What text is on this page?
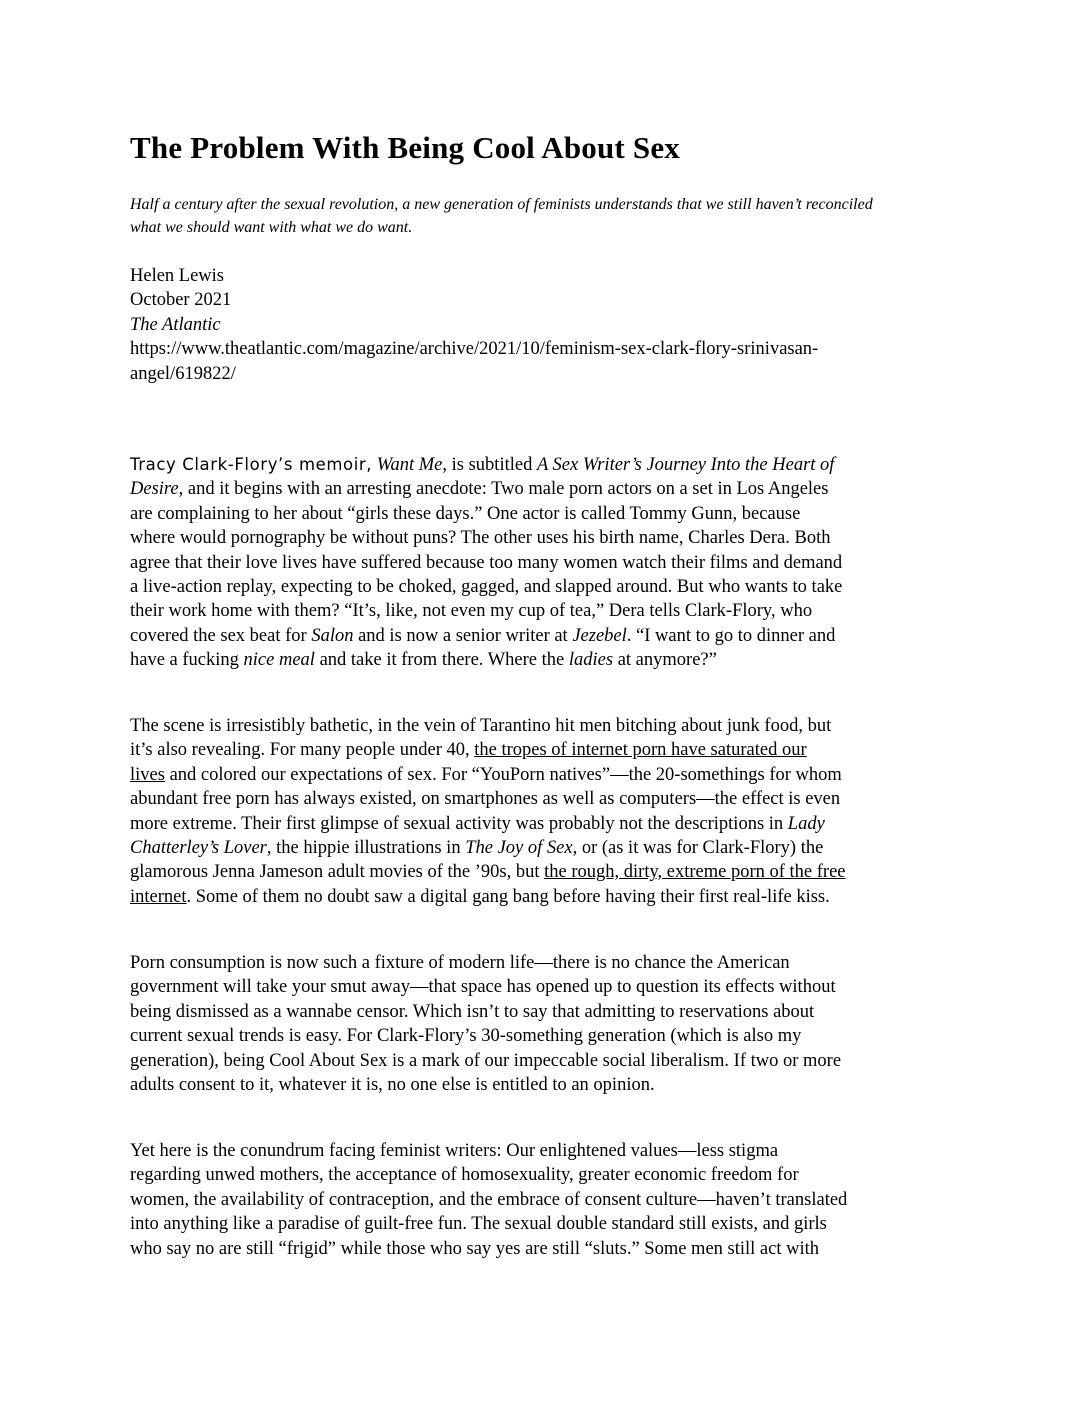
The Problem With Being Cool About Sex
Half a century after the sexual revolution, a new generation of feminists understands that we still haven’t reconciled
what we should want with what we do want.
Helen Lewis
October 2021
The Atlantic
https://www.theatlantic.com/magazine/archive/2021/10/feminism-sex-clark-flory-srinivasan-
angel/619822/
Tracy Clark-Flory’s memoir, Want Me, is subtitled A Sex Writer’s Journey Into the Heart of
Desire, and it begins with an arresting anecdote: Two male porn actors on a set in Los Angeles
are complaining to her about “girls these days.” One actor is called Tommy Gunn, because
where would pornography be without puns? The other uses his birth name, Charles Dera. Both
agree that their love lives have suffered because too many women watch their films and demand
a live-action replay, expecting to be choked, gagged, and slapped around. But who wants to take
their work home with them? “It’s, like, not even my cup of tea,” Dera tells Clark-Flory, who
covered the sex beat for Salon and is now a senior writer at Jezebel. “I want to go to dinner and
have a fucking nice meal and take it from there. Where the ladies at anymore?”
The scene is irresistibly bathetic, in the vein of Tarantino hit men bitching about junk food, but
it’s also revealing. For many people under 40, the tropes of internet porn have saturated our
lives and colored our expectations of sex. For “YouPorn natives”—the 20-somethings for whom
abundant free porn has always existed, on smartphones as well as computers—the effect is even
more extreme. Their first glimpse of sexual activity was probably not the descriptions in Lady
Chatterley’s Lover, the hippie illustrations in The Joy of Sex, or (as it was for Clark-Flory) the
glamorous Jenna Jameson adult movies of the ’90s, but the rough, dirty, extreme porn of the free
internet. Some of them no doubt saw a digital gang bang before having their first real-life kiss.
Porn consumption is now such a fixture of modern life—there is no chance the American
government will take your smut away—that space has opened up to question its effects without
being dismissed as a wannabe censor. Which isn’t to say that admitting to reservations about
current sexual trends is easy. For Clark-Flory’s 30-something generation (which is also my
generation), being Cool About Sex is a mark of our impeccable social liberalism. If two or more
adults consent to it, whatever it is, no one else is entitled to an opinion.
Yet here is the conundrum facing feminist writers: Our enlightened values—less stigma
regarding unwed mothers, the acceptance of homosexuality, greater economic freedom for
women, the availability of contraception, and the embrace of consent culture—haven’t translated
into anything like a paradise of guilt-free fun. The sexual double standard still exists, and girls
who say no are still “frigid” while those who say yes are still “sluts.” Some men still act with
